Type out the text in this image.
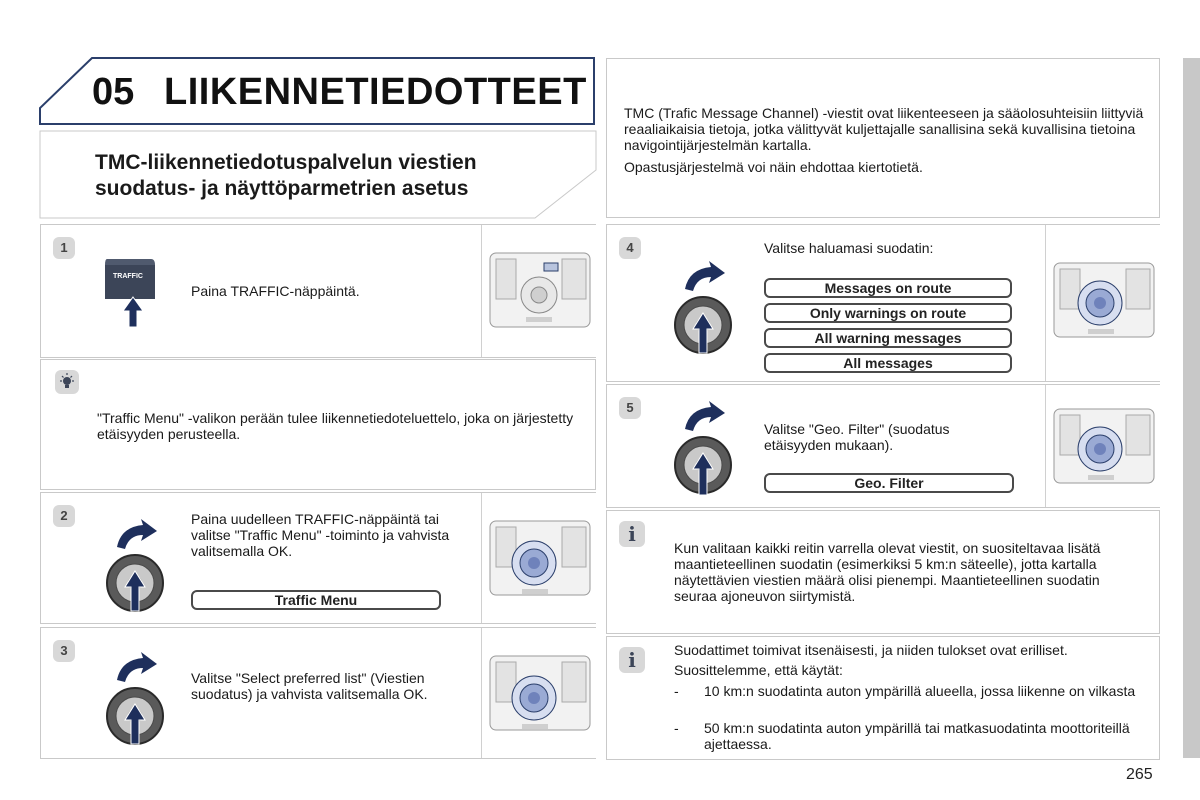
05 LIIKENNETIEDOTTEET
TMC-liikennetiedotuspalvelun viestien
suodatus- ja näyttöparmetrien asetus
TMC (Trafic Message Channel) -viestit ovat liikenteeseen ja sääolosuhteisiin liittyviä reaaliaikaisia tietoja, jotka välittyvät kuljettajalle sanallisina sekä kuvallisina tietoina navigointijärjestelmän kartalla.
Opastusjärjestelmä voi näin ehdottaa kiertotietä.
1
TRAFFIC
Paina TRAFFIC-näppäintä.
"Traffic Menu" -valikon perään tulee liikennetiedoteluettelo, joka on järjestetty etäisyyden perusteella.
2	Paina uudelleen TRAFFIC-näppäintä tai valitse "Traffic Menu" -toiminto ja vahvista valitsemalla OK.
Traffic Menu
3
Valitse "Select preferred list" (Viestien suodatus) ja vahvista valitsemalla OK.
4	Valitse haluamasi suodatin:
Messages on route
Only warnings on route
All warning messages
All messages
5
Valitse "Geo. Filter" (suodatus etäisyyden mukaan).
Geo. Filter
i
Kun valitaan kaikki reitin varrella olevat viestit, on suositeltavaa lisätä maantieteellinen suodatin (esimerkiksi 5 km:n säteelle), jotta kartalla näytettävien viestien määrä olisi pienempi. Maantieteellinen suodatin seuraa ajoneuvon siirtymistä.
i	Suodattimet toimivat itsenäisesti, ja niiden tulokset ovat erilliset.
Suosittelemme, että käytät:
- 10 km:n suodatinta auton ympärillä alueella, jossa liikenne on vilkasta
- 50 km:n suodatinta auton ympärillä tai matkasuodatinta moottoriteillä ajettaessa.
265
